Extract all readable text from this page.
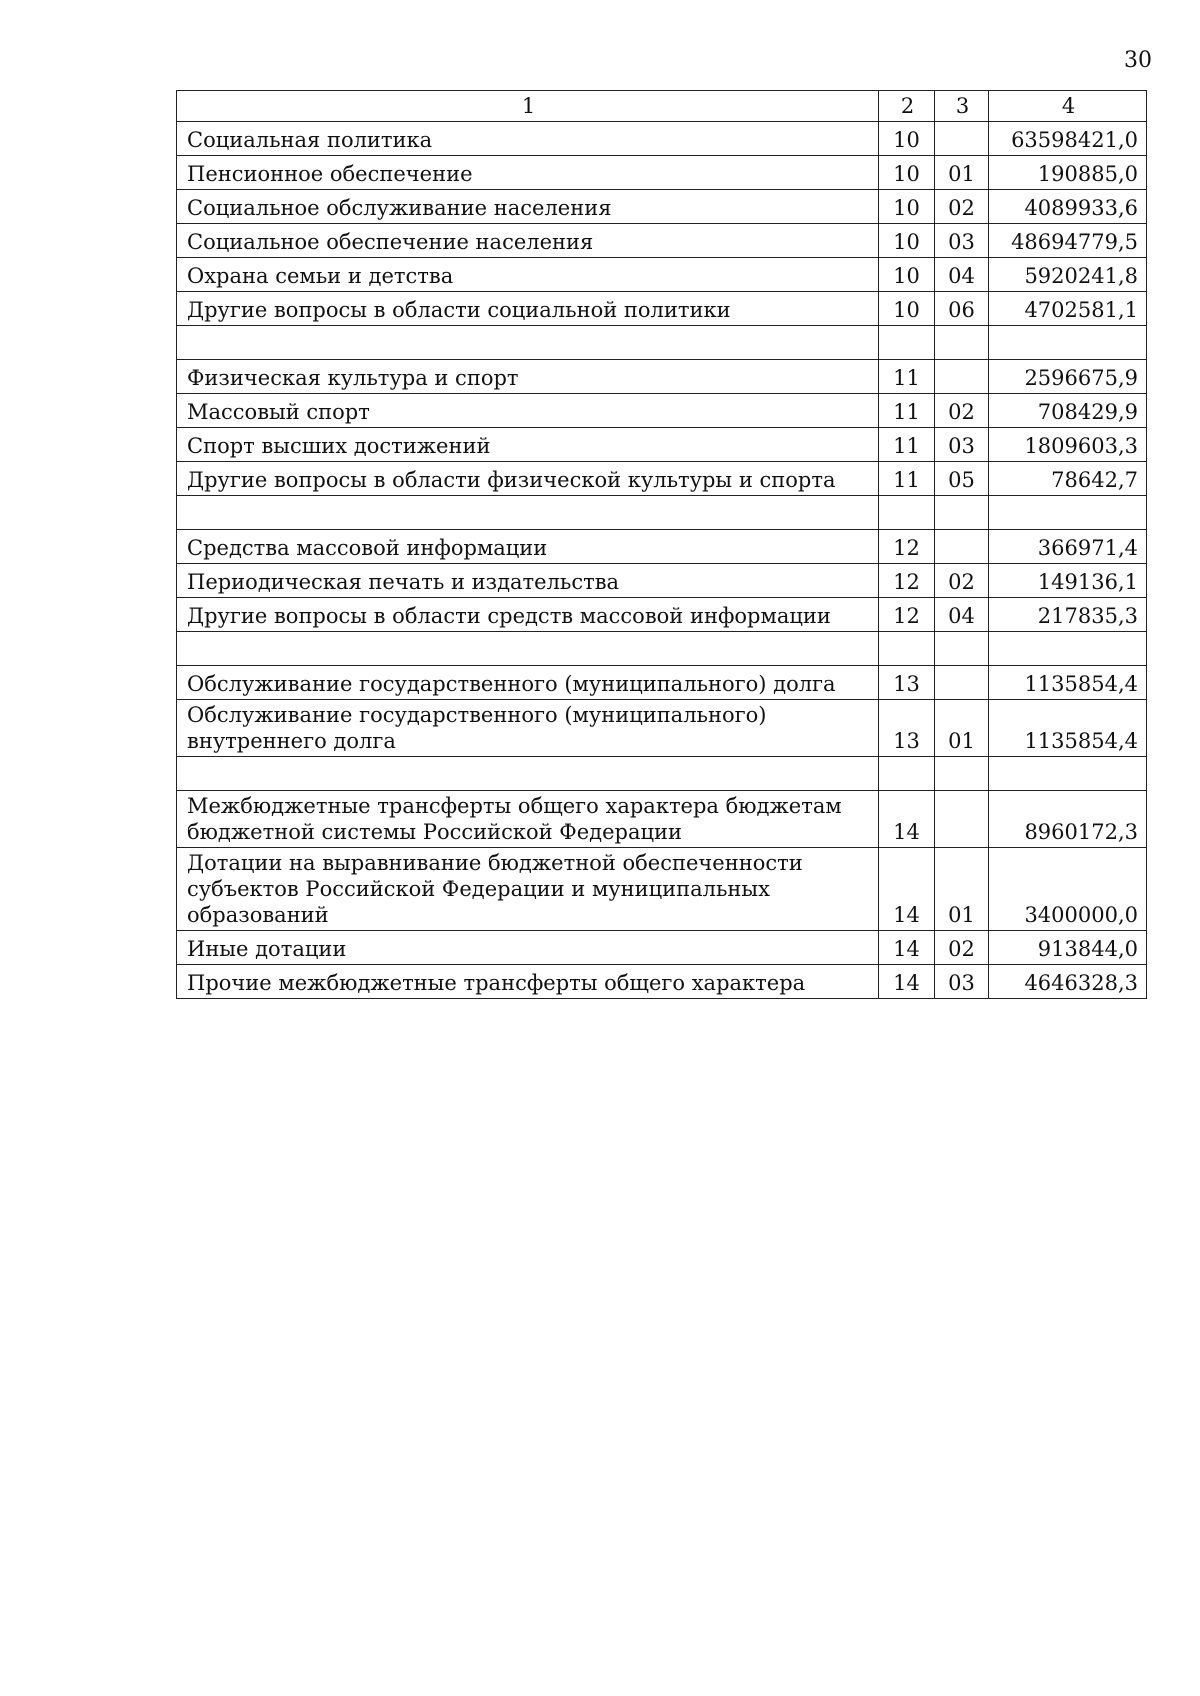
30
1	2	3	4
Социальная политика	10		63598421,0
Пенсионное обеспечение	10	01	190885,0
Социальное обслуживание населения	10	02	4089933,6
Социальное обеспечение населения	10	03	48694779,5
Охрана семьи и детства	10	04	5920241,8
Другие вопросы в области социальной политики	10	06	4702581,1

Физическая культура и спорт	11		2596675,9
Массовый спорт	11	02	708429,9
Спорт высших достижений	11	03	1809603,3
Другие вопросы в области физической культуры и спорта	11	05	78642,7

Средства массовой информации	12		366971,4
Периодическая печать и издательства	12	02	149136,1
Другие вопросы в области средств массовой информации	12	04	217835,3

Обслуживание государственного (муниципального) долга	13		1135854,4
Обслуживание государственного (муниципального) внутреннего долга	13	01	1135854,4

Межбюджетные трансферты общего характера бюджетам бюджетной системы Российской Федерации	14		8960172,3
Дотации на выравнивание бюджетной обеспеченности субъектов Российской Федерации и муниципальных образований	14	01	3400000,0
Иные дотации	14	02	913844,0
Прочие межбюджетные трансферты общего характера	14	03	4646328,3
